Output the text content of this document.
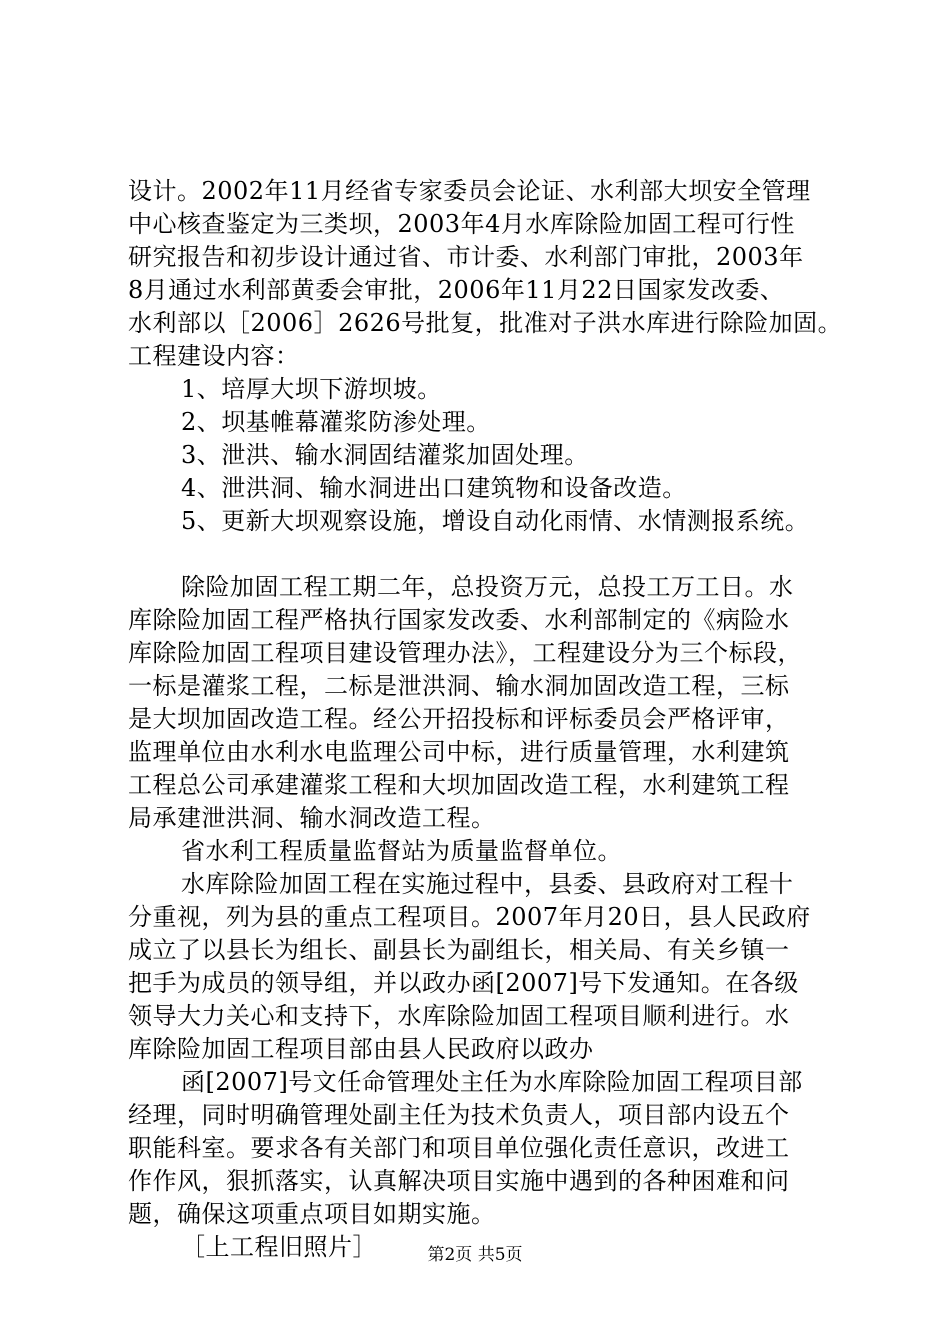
设计。2002年11月经省专家委员会论证、水利部大坝安全管理
中心核查鉴定为三类坝，2003年4月水库除险加固工程可行性
研究报告和初步设计通过省、市计委、水利部门审批，2003年
8月通过水利部黄委会审批，2006年11月22日国家发改委、
水利部以［2006］2626号批复，批准对子洪水库进行除险加固。
工程建设内容：
1、培厚大坝下游坝坡。
2、坝基帷幕灌浆防渗处理。
3、泄洪、输水洞固结灌浆加固处理。
4、泄洪洞、输水洞进出口建筑物和设备改造。
5、更新大坝观察设施，增设自动化雨情、水情测报系统。
除险加固工程工期二年，总投资万元，总投工万工日。水
库除险加固工程严格执行国家发改委、水利部制定的《病险水
库除险加固工程项目建设管理办法》，工程建设分为三个标段，
一标是灌浆工程，二标是泄洪洞、输水洞加固改造工程，三标
是大坝加固改造工程。经公开招投标和评标委员会严格评审，
监理单位由水利水电监理公司中标，进行质量管理，水利建筑
工程总公司承建灌浆工程和大坝加固改造工程，水利建筑工程
局承建泄洪洞、输水洞改造工程。
省水利工程质量监督站为质量监督单位。
水库除险加固工程在实施过程中，县委、县政府对工程十
分重视，列为县的重点工程项目。2007年月20日，县人民政府
成立了以县长为组长、副县长为副组长，相关局、有关乡镇一
把手为成员的领导组，并以政办函[2007]号下发通知。在各级
领导大力关心和支持下，水库除险加固工程项目顺利进行。水
库除险加固工程项目部由县人民政府以政办
函[2007]号文任命管理处主任为水库除险加固工程项目部
经理，同时明确管理处副主任为技术负责人，项目部内设五个
职能科室。要求各有关部门和项目单位强化责任意识，改进工
作作风，狠抓落实，认真解决项目实施中遇到的各种困难和问
题，确保这项重点项目如期实施。
［上工程旧照片］	第2页 共5页
